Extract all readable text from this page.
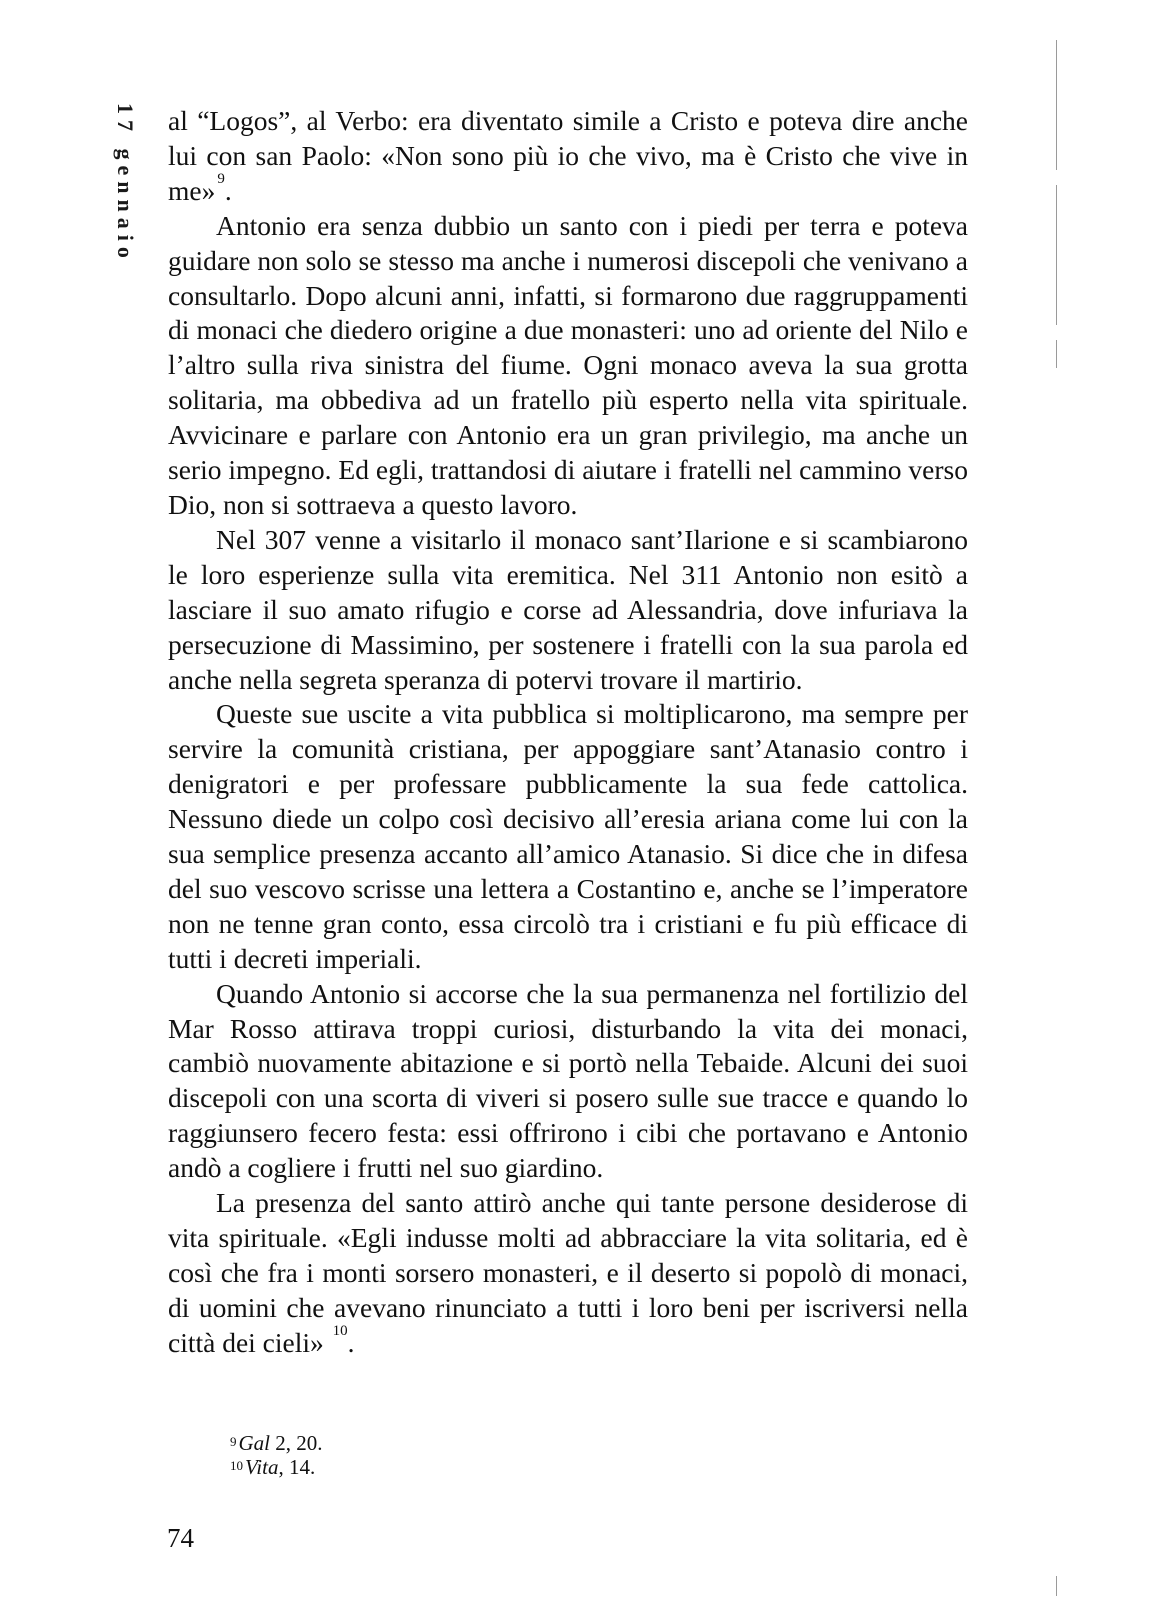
17 gennaio al “Logos”, al Verbo: era diventato simile a Cristo e poteva dire anche lui con san Paolo: «Non sono più io che vivo, ma è Cristo che vive in me» $^9$.

Antonio era senza dubbio un santo con i piedi per terra e poteva guidare non solo se stesso ma anche i numerosi discepoli che venivano a consultarlo. Dopo alcuni anni, infatti, si formarono due raggruppamenti di monaci che diedero origine a due monasteri: uno ad oriente del Nilo e l’altro sulla riva sinistra del fiume. Ogni monaco aveva la sua grotta solitaria, ma obbediva ad un fratello più esperto nella vita spirituale. Avvicinare e parlare con Antonio era un gran privilegio, ma anche un serio impegno. Ed egli, trattandosi di aiutare i fratelli nel cammino verso Dio, non si sottraeva a questo lavoro.

Nel 307 venne a visitarlo il monaco sant’Ilarione e si scambiarono le loro esperienze sulla vita eremitica. Nel 311 Antonio non esitò a lasciare il suo amato rifugio e corse ad Alessandria, dove infuriava la persecuzione di Massimino, per sostenere i fratelli con la sua parola ed anche nella segreta speranza di potervi trovare il martirio.

Queste sue uscite a vita pubblica si moltiplicarono, ma sempre per servire la comunità cristiana, per appoggiare sant’Atanasio contro i denigratori e per professare pubblicamente la sua fede cattolica. Nessuno diede un colpo così decisivo all’eresia ariana come lui con la sua semplice presenza accanto all’amico Atanasio. Si dice che in difesa del suo vescovo scrisse una lettera a Costantino e, anche se l’imperatore non ne tenne gran conto, essa circolò tra i cristiani e fu più efficace di tutti i decreti imperiali.

Quando Antonio si accorse che la sua permanenza nel fortilizio del Mar Rosso attirava troppi curiosi, disturbando la vita dei monaci, cambiò nuovamente abitazione e si portò nella Tebaide. Alcuni dei suoi discepoli con una scorta di viveri si posero sulle sue tracce e quando lo raggiunsero fecero festa: essi offrirono i cibi che portavano e Antonio andò a cogliere i frutti nel suo giardino.

La presenza del santo attirò anche qui tante persone desiderose di vita spirituale. «Egli indusse molti ad abbracciare la vita solitaria, ed è così che fra i monti sorsero monasteri, e il deserto si popolò di monaci, di uomini che avevano rinunciato a tutti i loro beni per iscriversi nella città dei cieli» $^{10}$.

$^9$Gal 2, 20.
$^{10}$Vita, 14.
74
